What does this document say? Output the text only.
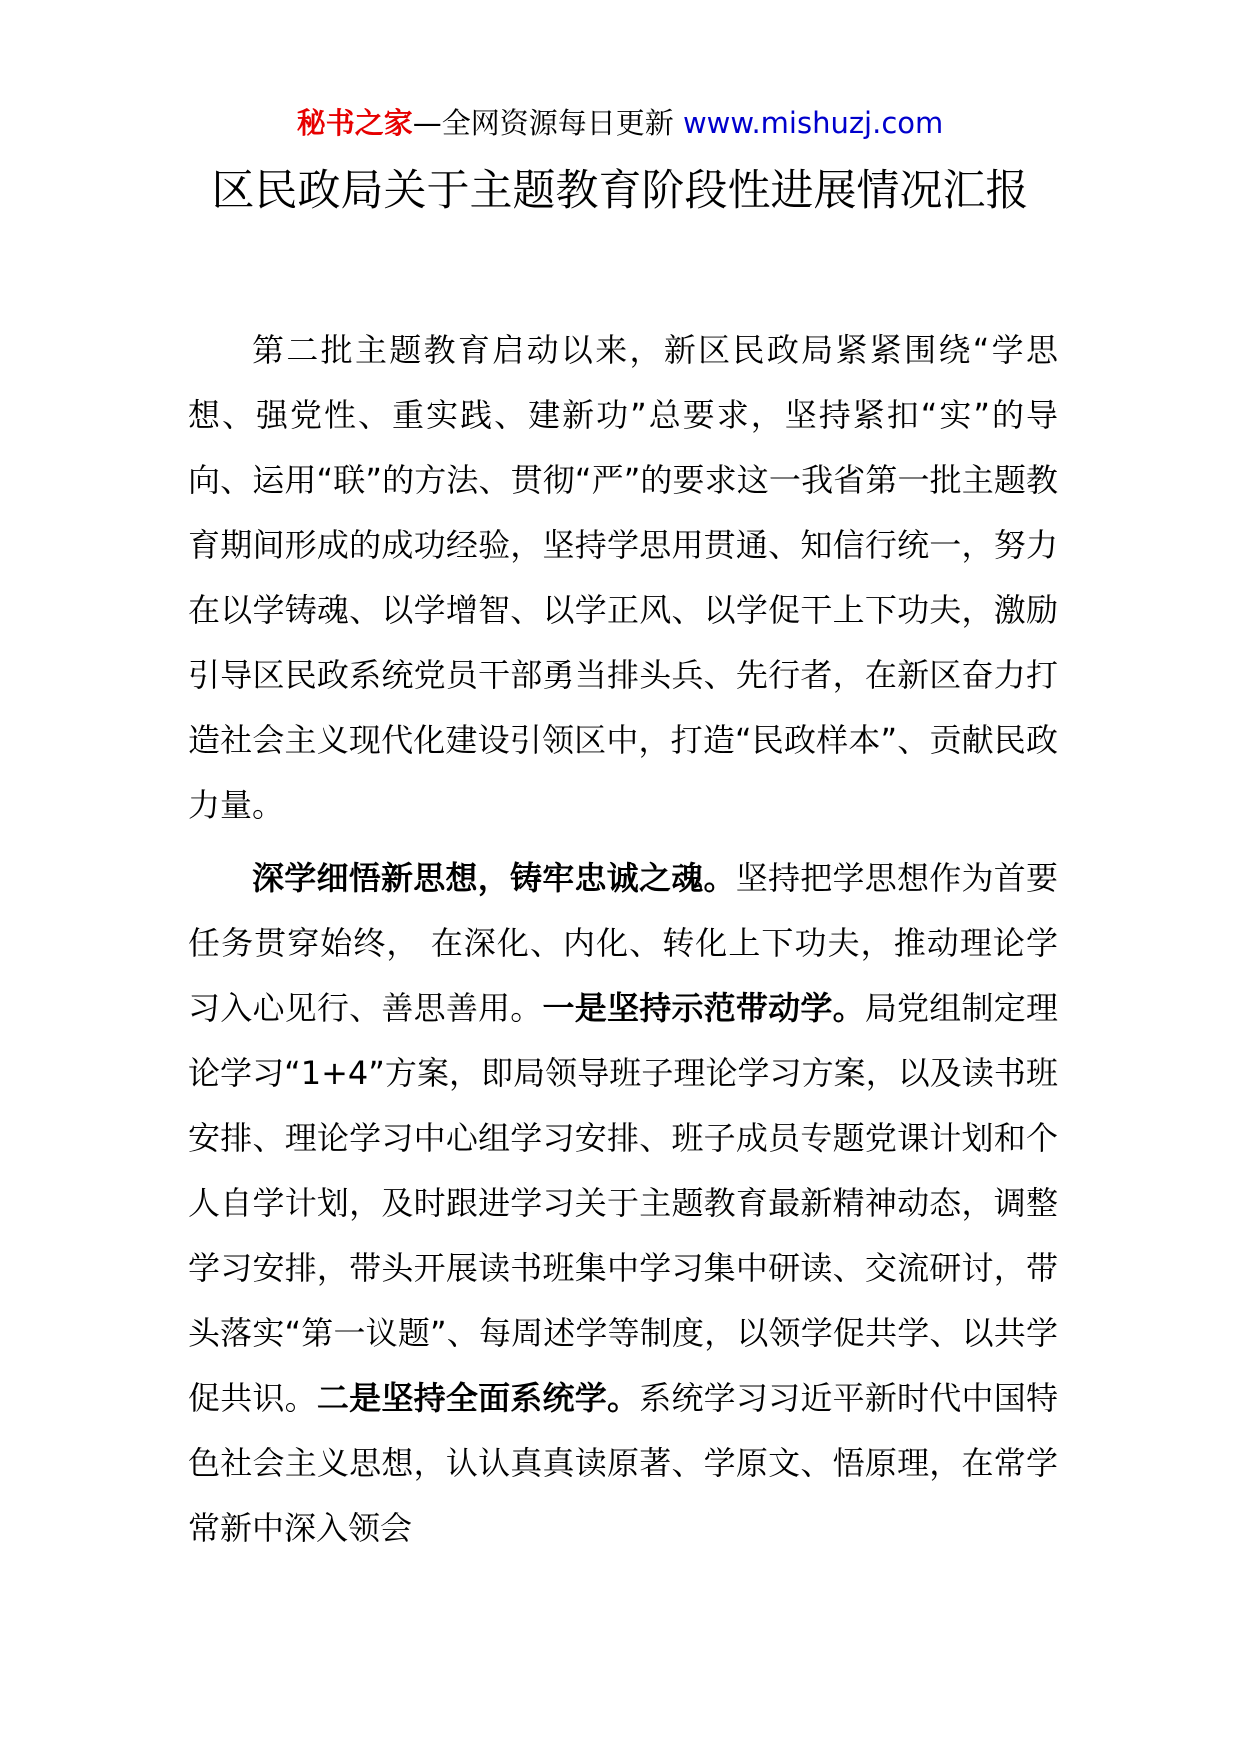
秘书之家—全网资源每日更新 www.mishuzj.com
区民政局关于主题教育阶段性进展情况汇报

第二批主题教育启动以来，新区民政局紧紧围绕“学思想、强党性、重实践、建新功”总要求，坚持紧扣“实”的导向、运用“联”的方法、贯彻“严”的要求这一我省第一批主题教育期间形成的成功经验，坚持学思用贯通、知信行统一，努力在以学铸魂、以学增智、以学正风、以学促干上下功夫，激励引导区民政系统党员干部勇当排头兵、先行者，在新区奋力打造社会主义现代化建设引领区中，打造“民政样本”、贡献民政力量。

深学细悟新思想，铸牢忠诚之魂。坚持把学思想作为首要任务贯穿始终， 在深化、内化、转化上下功夫，推动理论学习入心见行、善思善用。一是坚持示范带动学。局党组制定理论学习“1+4”方案，即局领导班子理论学习方案，以及读书班安排、理论学习中心组学习安排、班子成员专题党课计划和个人自学计划，及时跟进学习关于主题教育最新精神动态，调整学习安排，带头开展读书班集中学习集中研读、交流研讨，带头落实“第一议题”、每周述学等制度，以领学促共学、以共学促共识。二是坚持全面系统学。系统学习习近平新时代中国特色社会主义思想，认认真真读原著、学原文、悟原理，在常学常新中深入领会
